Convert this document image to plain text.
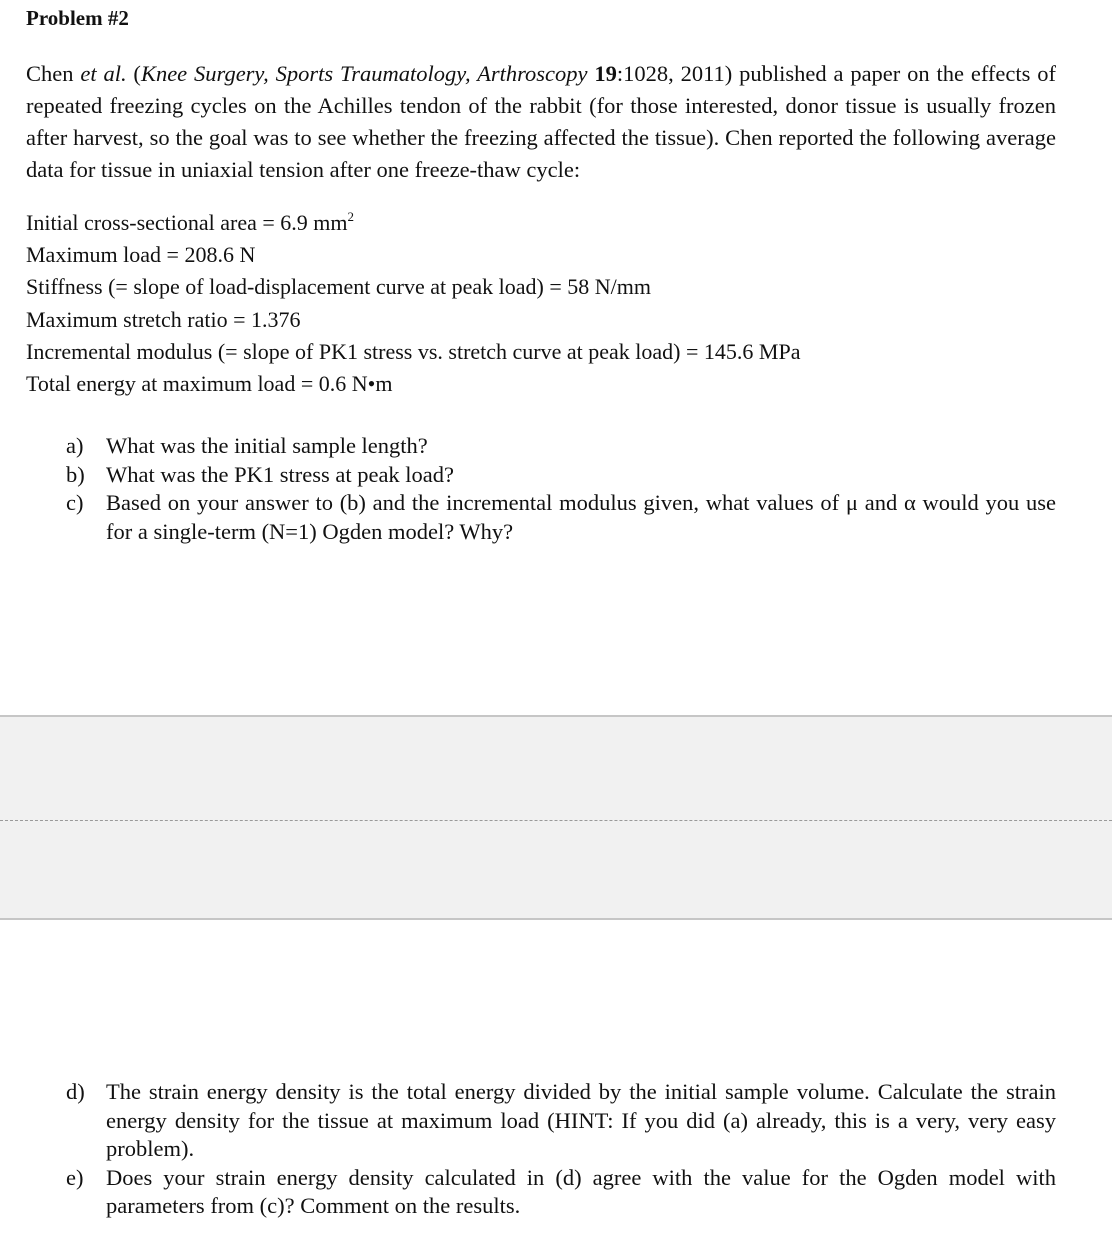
Problem #2
Chen et al. (Knee Surgery, Sports Traumatology, Arthroscopy 19:1028, 2011) published a paper on the effects of repeated freezing cycles on the Achilles tendon of the rabbit (for those interested, donor tissue is usually frozen after harvest, so the goal was to see whether the freezing affected the tissue). Chen reported the following average data for tissue in uniaxial tension after one freeze-thaw cycle:
Initial cross-sectional area = 6.9 $mm^2$
Maximum load = 208.6 N
Stiffness (= slope of load-displacement curve at peak load) = 58 N/mm
Maximum stretch ratio = 1.376
Incremental modulus (= slope of PK1 stress vs. stretch curve at peak load) = 145.6 MPa
Total energy at maximum load = 0.6 N•m
a)	What was the initial sample length?
b) What was the PK1 stress at peak load?
c)	Based on your answer to (b) and the incremental modulus given, what values of μ and α would you use for a single-term (N=1) Ogden model? Why?
d) The strain energy density is the total energy divided by the initial sample volume. Calculate the strain energy density for the tissue at maximum load (HINT: If you did (a) already, this is a very, very easy problem).
e)	Does your strain energy density calculated in (d) agree with the value for the Ogden model with parameters from (c)? Comment on the results.
